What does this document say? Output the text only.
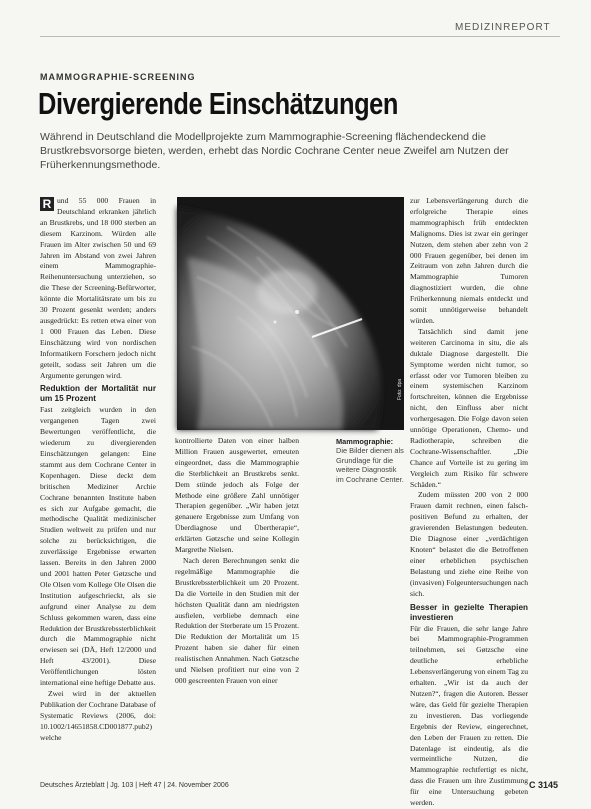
MEDIZINREPORT
MAMMOGRAPHIE-SCREENING
Divergierende Einschätzungen
Während in Deutschland die Modellprojekte zum Mammographie-Screening flächendeckend die Brustkrebsvorsorge bieten, werden, erhebt das Nordic Cochrane Center neue Zweifel am Nutzen der Früherkennungsmethode.

R und 55 000 Frauen in Deutschland erkranken jährlich an Brustkrebs, und 18 000 sterben an diesem Karzinom. Würden alle Frauen im Alter zwischen 50 und 69 Jahren im Abstand von zwei Jahren einem Mammographie-Reihenuntersuchung unterziehen, so die These der Screening-Befürworter, könnte die Mortalitätsrate um bis zu 30 Prozent gesenkt werden; anders ausgedrückt: Es retten etwa einer von 1 000 Frauen das Leben. Diese Einschätzung wird von nordischen Informatikern Forschern jedoch nicht geteilt, sodass seit Jahren um die Argumente gerungen wird.

Reduktion der Mortalität nur um 15 Prozent

Fast zeitgleich wurden in den vergangenen Tagen zwei Bewertungen veröffentlicht, die wiederum zu divergierenden Einschätzungen gelangen: Eine stammt aus dem Cochrane Center in Kopenhagen. Diese deckt dem britischen Mediziner Archie Cochrane benannten Institute haben es sich zur Aufgabe gemacht, die methodische Qualität medizinischer Studien weltweit zu prüfen und nur solche zu berücksichtigen, die zuverlässige Ergebnisse erwarten lassen. Bereits in den Jahren 2000 und 2001 hatten Peter Gøtzsche und Ole Olsen vom Kollege Ole Olsen die Institution aufgeschrieckt, als sie aufgrund einer Analyse zu dem Schluss gekommen waren, dass eine Reduktion der Brustkrebssterblichkeit durch die Mammographie nicht erwiesen sei (DÄ, Heft 12/2000 und Heft 43/2001). Diese Veröffentlichungen lösten international eine heftige Debatte aus.

Zwei wird in der aktuellen Publikation der Cochrane Database of Systematic Reviews (2006, doi: 10.1002/14651858.CD001877.pub2) welche

Foto: dpa

kontrollierte Daten von einer halben Million Frauen ausgewertet, erneuten eingeordnet, dass die Mammographie die Sterblichkeit an Brustkrebs senkt. Dem stünde jedoch als Folge der Methode eine größere Zahl unnötiger Therapien gegenüber. „Wir haben jetzt genauere Ergebnisse zum Umfang von Überdiagnose und Übertherapie“, erklärten Gøtzsche und seine Kollegin Margrethe Nielsen.

Nach deren Berechnungen senkt die regelmäßige Mammographie die Brustkrebssterblichkeit um 20 Prozent. Da die Vorteile in den Studien mit der höchsten Qualität dann am niedrigsten ausfielen, verbliebe demnach eine Reduktion der Sterberate um 15 Prozent. Die Reduktion der Mortalität um 15 Prozent haben sie daher für einen realistischen Annahmen. Nach Gøtzsche und Nielsen profitiert nur eine von 2 000 gescreenten Frauen von einer

Mammographie: Die Bilder dienen als Grundlage für die weitere Diagnostik im Cochrane Center.

zur Lebensverlängerung durch die erfolgreiche Therapie eines mammographisch früh entdeckten Malignoms. Dies ist zwar ein geringer Nutzen, dem stehen aber zehn von 2 000 Frauen gegenüber, bei denen im Zeitraum von zehn Jahren durch die Mammographie Tumoren diagnostiziert wurden, die ohne Früherkennung niemals entdeckt und somit unnötigerweise behandelt würden.

Tatsächlich sind damit jene weiteren Carcinoma in situ, die als duktale Diagnose dargestellt. Die Symptome werden nicht tumor, so erfasst oder vor Tumoren bleiben zu einem systemischen Karzinom fortschreiten, können die Ergebnisse nicht, den Einfluss aber nicht vorhergesagen. Die Folge davon seien unnötige Operationen, Chemo- und Radiotherapie, schreiben die Cochrane-Wissenschaftler. „Die Chance auf Vorteile ist zu gering im Vergleich zum Risiko für schwere Schäden.“

Zudem müssten 200 von 2 000 Frauen damit rechnen, einen falsch-positiven Befund zu erhalten, der gravierenden Belastungen bedeuten. Die Diagnose einer „verdächtigen Knoten“ belastet die die Betroffenen einer erheblichen psychischen Belastung und ziehe eine Reihe von (invasiven) Folgeuntersuchungen nach sich.

Besser in gezielte Therapien investieren

Für die Frauen, die sehr lange Jahre bei Mammographie-Programmen teilnehmen, sei Gøtzsche eine deutliche erhebliche Lebensverlängerung von einem Tag zu erhalten. „Wir ist da auch der Nutzen?“, fragen die Autoren. Besser wäre, das Geld für gezielte Therapien zu investieren. Das vorliegende Ergebnis der Review, eingerechnet, den Leben der Frauen zu retten. Die Datenlage ist eindeutig, als die vermeintliche Nutzen, die Mammographie rechtfertigt es nicht, dass die Frauen um ihre Zustimmung für eine Untersuchung gebeten werden.

Deutsches Ärzteblatt | Jg. 103 | Heft 47 | 24. November 2006	C 3145
